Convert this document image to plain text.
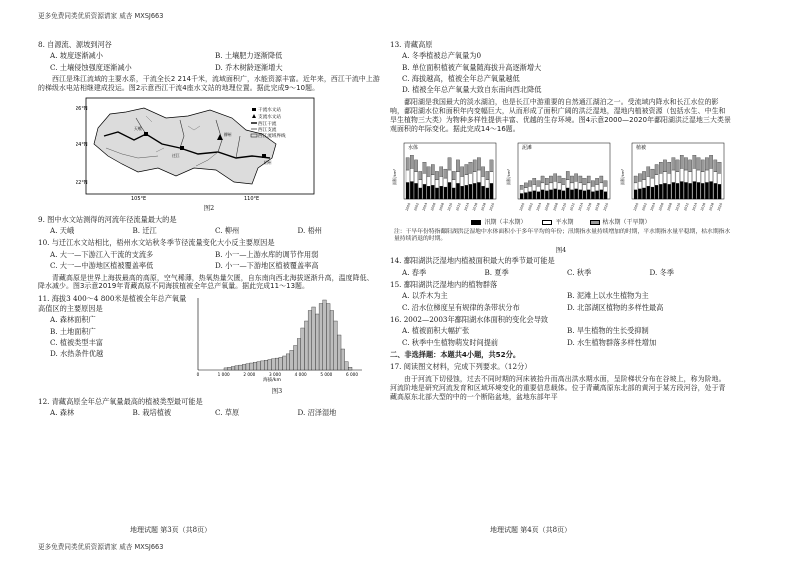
更多免费同类优质资源请家 威杏 MXSJ663
8. 自源流、源坡到河谷
A. 坡度逐渐减小	B. 土壤肥力逐渐降低
C. 土壤侵蚀强度逐渐减小	D. 乔木树龄逐渐增大

西江是珠江流域的主要水系，干流全长2 214千米，流域面积广，水能资源丰富。近年来，西江干流中上游的梯级水电站相继建成投运。图2示意西江干流4座水文站的地理位置。据此完成9～10题。

26°N
24°N
22°N
105°E	110°E
干流水文站
支流水文站
西江干流
西江支流
西江流域界线
天峨
迁江
梧州
柳州
图2
9. 图中水文站测得的河流年径流量最大的是
A. 天峨	B. 迁江	C. 柳州	D. 梧州
10. 与迁江水文站相比，梧州水文站秋冬季节径流量变化大小反主要原因是
A. 大一—下游江入干流的支流多	B. 小一—上游水库的调节作用弱
C. 大一—中游地区植被覆盖率低	D. 小一—下游地区植被覆盖率高

青藏高原是世界上海拔最高的高原，空气稀薄，热氧热量欠匮，自东南向西北海拔逐渐升高，温度降低、降水减少。图3示意2019年青藏高原不同海拔植被全年总产氧量。据此完成11～13题。

11. 海拔3 400～4 800米是植被全年总产氧量高值区的主要原因是
A. 森林面积广
B. 土地面积广
C. 植被类型丰富
D. 水热条件优越
0	1 000	2 000	3 000	4 000	5 000	6 000
海拔/km
图3
12. 青藏高原全年总产氧量最高的植被类型最可能是
A. 森林	B. 栽培植被	C. 草原	D. 沼泽湿地
地理试题 第3页（共8页）
13. 青藏高原
A. 冬季植被总产氧量为0
B. 单位面积植被产氧量随海拔升高逐渐增大
C. 海拔越高，植被全年总产氧量越低
D. 植被全年总产氧量大致自东南向西北降低

鄱阳湖是我国最大的淡水湖泊，也是长江中游重要的自然通江湖泊之一。受流域内降水和长江水位的影响，鄱阳湖水位和面积年内变幅巨大，从而形成了面积广阔的洪泛湿地，湿地内植被资源（包括水生、中生和旱生植物三大类）为物种多样性提供丰富、优越的生存环境。图4示意2000—2020年鄱阳湖洪泛湿地三大类景观面积的年际变化。据此完成14～16题。

水体
面积/km²
2000 2002 2004 2006 2008 2010 2012 2014 2016 2018 2020
泥滩
面积/km²
2000 2002 2004 2006 2008 2010 2012 2014 2016 2018 2020
植被
面积/km²
2000 2002 2004 2006 2008 2010 2012 2014 2016 2018 2020
汛期（丰水期）	平水期	枯水期（干旱期）
注：干旱年份特指鄱阳湖洪泛湿地中水体面积小于多年平均的年份；汛期指水量持续增加的时期，平水期指水量平稳期，枯水期指水量持续消退的时期。
图4
14. 鄱阳湖洪泛湿地内植被面积最大的季节最可能是
A. 春季	B. 夏季	C. 秋季	D. 冬季
15. 鄱阳湖洪泛湿地内的植物群落
A. 以乔木为主	B. 泥滩上以水生植物为主
C. 沿水位梯度呈有规律的条带状分布	D. 北部湖区植物的多样性最高
16. 2002—2003年鄱阳湖水体面积的变化会导致
A. 植被面积大幅扩张	B. 旱生植物的生长受抑制
C. 秋季中生植物萌发时间提前	D. 水生植物群落多样性增加
二、非选择题：本题共4小题，共52分。
17. 阅读图文材料，完成下列要求。（12分）

由于河流下切侵蚀，过去不同时期的河床被抬升而高出洪水期水面，呈阶梯状分布在谷坡上，称为阶地。河流阶地是研究河流发育和区域环境变化的重要信息载体。位于青藏高原东北部的黄河于某方段河谷，处于青藏高原东北部大型的中的一个断陷盆地，盆地东部年平

地理试题 第4页（共8页）
更多免费同类优质资源请家 威杏 MXSJ663
